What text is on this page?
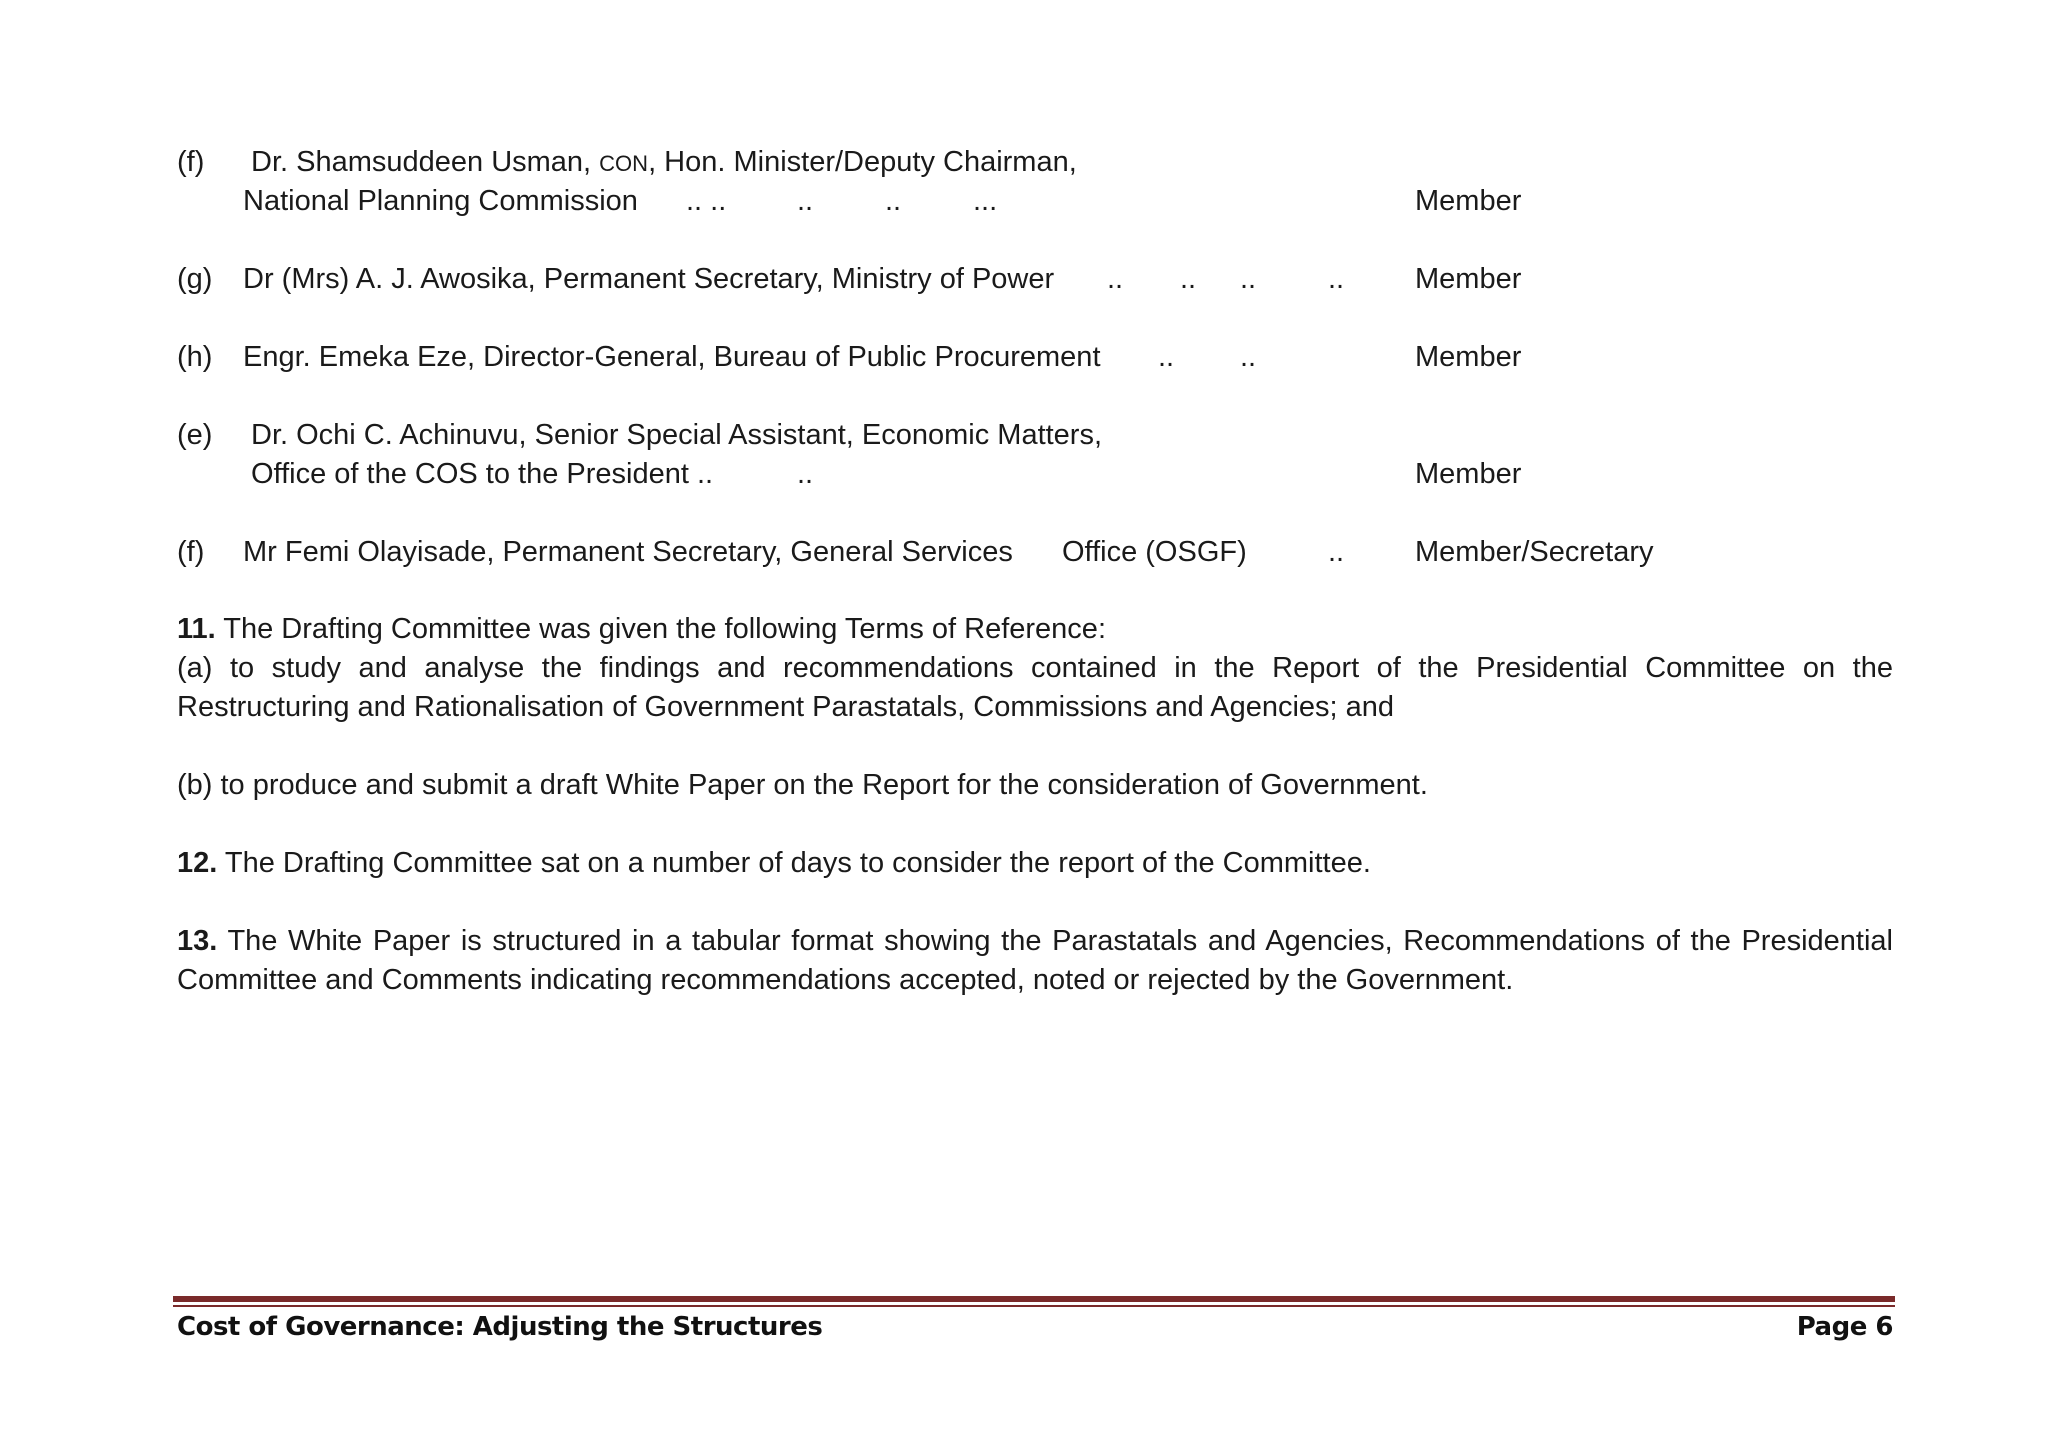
(f) Dr. Shamsuddeen Usman, CON, Hon. Minister/Deputy Chairman,
National Planning Commission .. .. .. .. ...	Member
(g) Dr (Mrs) A. J. Awosika, Permanent Secretary, Ministry of Power .. .. .. .. Member
(h) Engr. Emeka Eze, Director-General, Bureau of Public Procurement .. ..	Member
(e) Dr. Ochi C. Achinuvu, Senior Special Assistant, Economic Matters,
Office of the COS to the President ..	..	Member
(f) Mr Femi Olayisade, Permanent Secretary, General Services Office (OSGF)	.. Member/Secretary
11. The Drafting Committee was given the following Terms of Reference:
(a) to study and analyse the findings and recommendations contained in the Report of the Presidential Committee on the Restructuring and Rationalisation of Government Parastatals, Commissions and Agencies; and
(b) to produce and submit a draft White Paper on the Report for the consideration of Government.
12. The Drafting Committee sat on a number of days to consider the report of the Committee.
13. The White Paper is structured in a tabular format showing the Parastatals and Agencies, Recommendations of the Presidential Committee and Comments indicating recommendations accepted, noted or rejected by the Government.
Cost of Governance: Adjusting the Structures	Page 6
